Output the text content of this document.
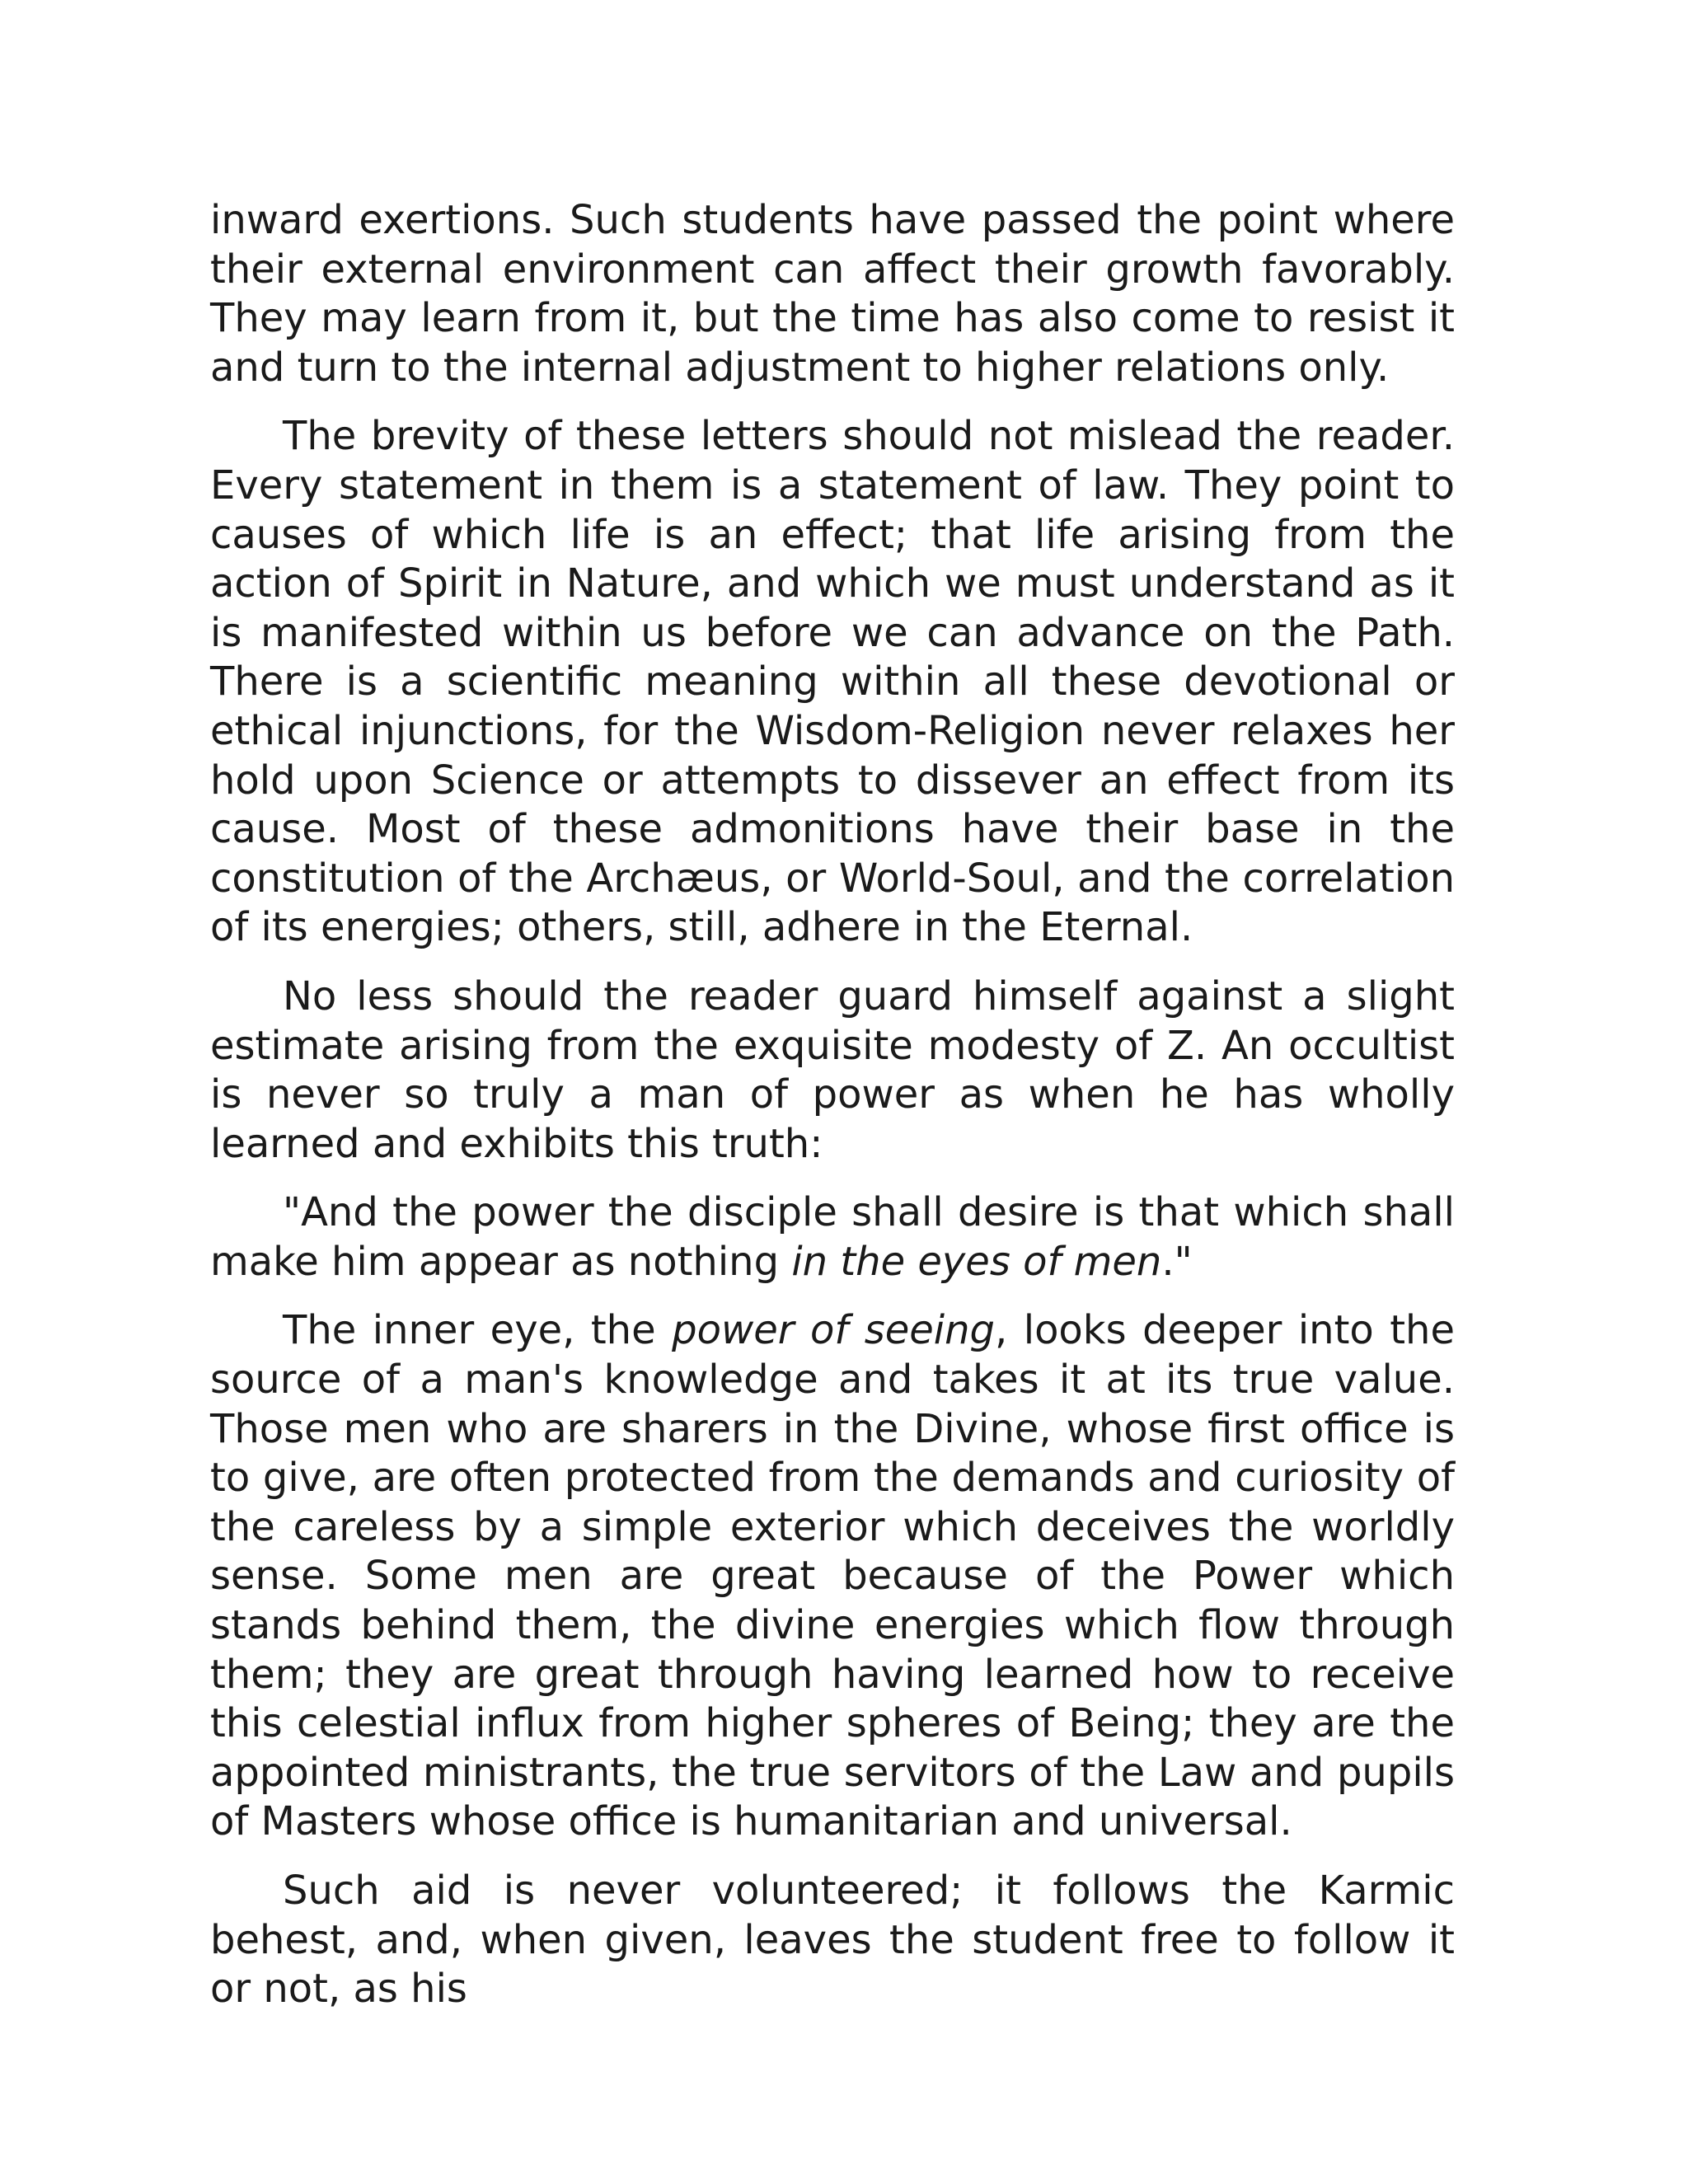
inward exertions. Such students have passed the point where their external environment can affect their growth favorably. They may learn from it, but the time has also come to resist it and turn to the internal adjustment to higher relations only.

The brevity of these letters should not mislead the reader. Every statement in them is a statement of law. They point to causes of which life is an effect; that life arising from the action of Spirit in Nature, and which we must understand as it is manifested within us before we can advance on the Path. There is a scientific meaning within all these devotional or ethical injunctions, for the Wisdom-Religion never relaxes her hold upon Science or attempts to dissever an effect from its cause. Most of these admonitions have their base in the constitution of the Archæus, or World-Soul, and the correlation of its energies; others, still, adhere in the Eternal.

No less should the reader guard himself against a slight estimate arising from the exquisite modesty of Z. An occultist is never so truly a man of power as when he has wholly learned and exhibits this truth:

"And the power the disciple shall desire is that which shall make him appear as nothing in the eyes of men."

The inner eye, the power of seeing, looks deeper into the source of a man's knowledge and takes it at its true value. Those men who are sharers in the Divine, whose first office is to give, are often protected from the demands and curiosity of the careless by a simple exterior which deceives the worldly sense. Some men are great because of the Power which stands behind them, the divine energies which flow through them; they are great through having learned how to receive this celestial influx from higher spheres of Being; they are the appointed ministrants, the true servitors of the Law and pupils of Masters whose office is humanitarian and universal.

Such aid is never volunteered; it follows the Karmic behest, and, when given, leaves the student free to follow it or not, as his
